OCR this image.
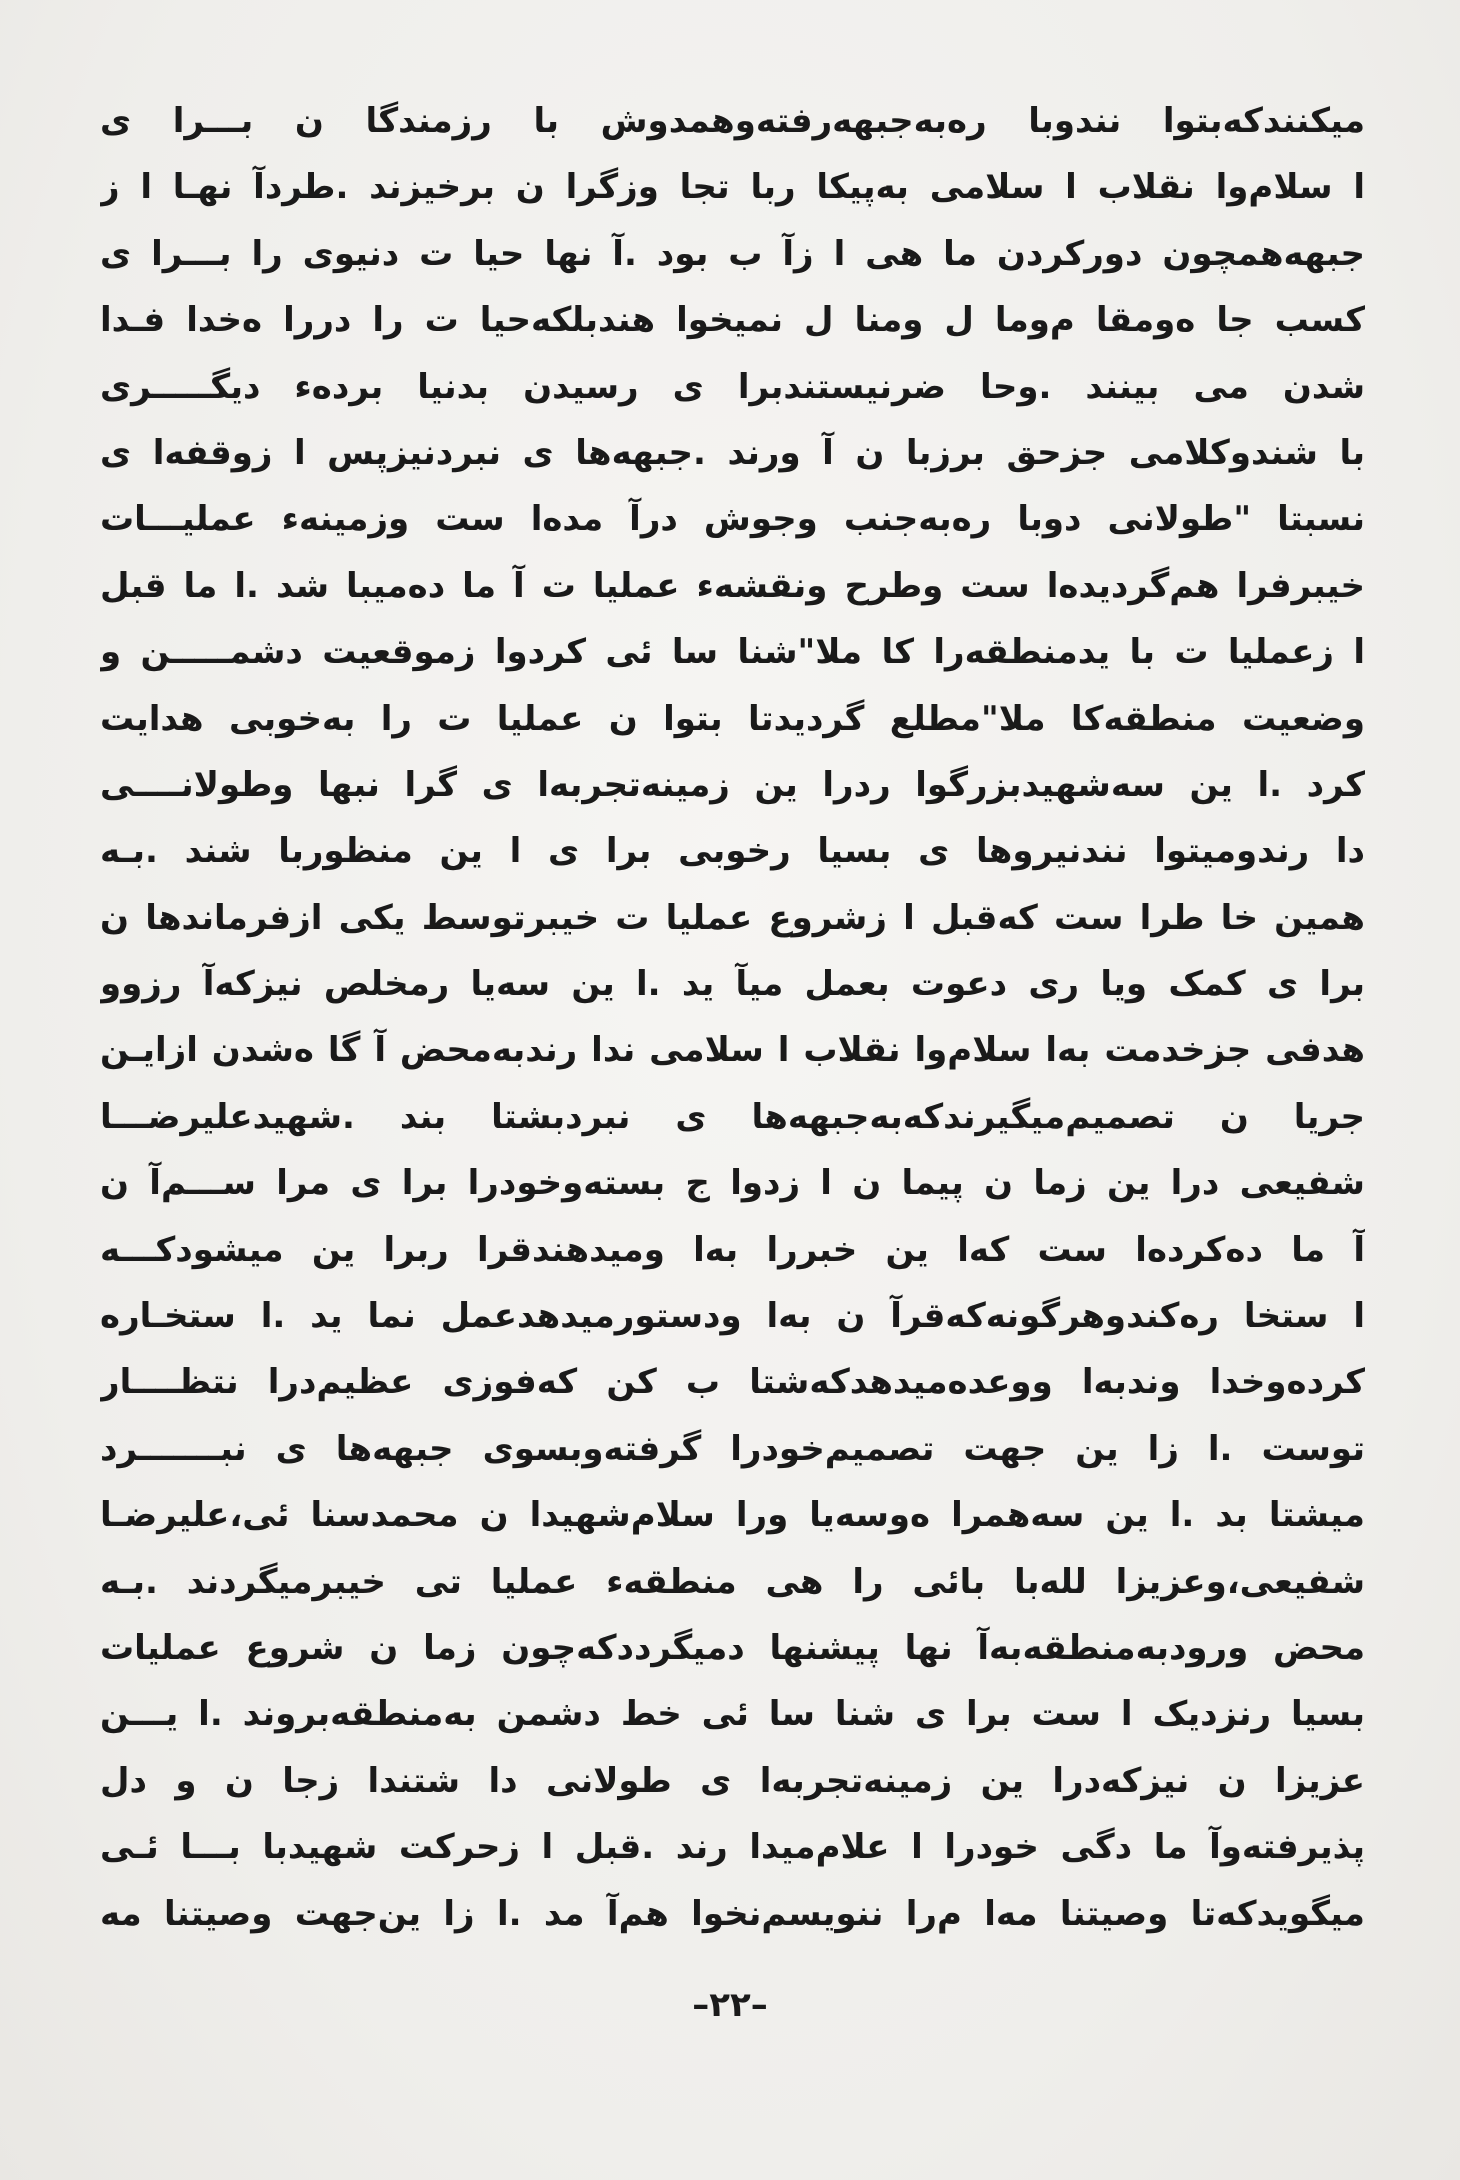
میکنندکه‌بتوا نندو‌با ر‌ه‌به‌جبهه‌رفته‌وهمدوش با رزمندگا ن بـــرا ی
ا سلام‌وا نقلاب ا سلامی به‌پیکا ربا تجا وزگرا ن برخیزند .طرد‌آ نهـا ا ز
جبهه‌همچون دورکردن ما هی ا ز‌آ ب بود .آ نها حیا ت دنیوی را بـــرا ی
کسب جا ه‌ومقا م‌وما ل ومنا ل نمیخوا هند‌بلکه‌حیا ت را دررا ه‌خدا فـدا
شدن می بینند .وحا ضرنیستندبرا ی رسیدن بدنیا برده‌ء دیگـــــری
با شندوکلامی جزحق برزبا ن آ ورند .جبهه‌ها ی نبردنیزپس ا زوقفه‌ا ی
نسبتا "طولانی دوبا ره‌به‌جنب وجوش درآ مده‌ا ست وزمینه‌ء عملیـــات
خیبرفرا هم‌گردیده‌ا ست وطرح ونقشه‌ء عملیا ت آ ما ده‌میبا شد .ا ما قبل
ا زعملیا ت با یدمنطقه‌را کا ملا"شنا سا ئی کردوا زموقعیت دشمـــــن و
وضعیت منطقه‌کا ملا"مطلع گردیدتا بتوا ن عملیا ت را به‌خوبی هدایت
کرد .ا ین سه‌شهیدبزرگوا ردرا ین زمینه‌تجربه‌ا ی گرا نبها وطولانــــی
دا رندومیتوا نندنیروها ی بسیا رخوبی برا ی ا ین منظوربا شند .بـه
همین خا طرا ست که‌قبل ا زشروع عملیا ت خیبرتوسط یکی ازفرماندها ن
برا ی کمک ویا ری دعوت بعمل میآ ید .ا ین سه‌یا رمخلص نیزکه‌آ رزوو
هدفی جزخدمت به‌ا سلام‌وا نقلاب ا سلامی ندا رندبه‌محض آ گا ه‌شدن ازایـن
جریا ن تصمیم‌میگیرندکه‌به‌جبهه‌ها ی نبردبشتا بند .شهیدعلیرضـــا
شفیعی درا ین زما ن پیما ن ا زدوا ج بسته‌وخودرا برا ی مرا ســـم‌آ ن
آ ما ده‌کرده‌ا ست که‌ا ین خبررا به‌ا ومیدهندقرا ربرا ین میشودکـــه
ا ستخا ره‌کندوهرگونه‌که‌قرآ ن به‌ا ودستورمیدهدعمل نما ید .ا ستخـاره
کرده‌وخدا وندبه‌ا ووعده‌میدهدکه‌شتا ب کن که‌فوزی عظیم‌درا نتظــــار
توست .ا زا ین جهت تصمیم‌خودرا گرفته‌وبسوی جبهه‌ها ی نبـــــــرد
میشتا بد .ا ین سه‌همرا ه‌وسه‌یا ورا سلام‌شهیدا ن محمدسنا ئی،علیرضـا
شفیعی،وعزیزا لله‌با بائی را هی منطقه‌ء عملیا تی خیبرمیگردند .بـه
محض ورودبه‌منطقه‌به‌آ نها پیشنها دمیگرددکه‌چون زما ن شروع عملیات
بسیا رنزدیک ا ست برا ی شنا سا ئی خط دشمن به‌منطقه‌بروند .ا یـــن
عزیزا ن نیزکه‌درا ین زمینه‌تجربه‌ا ی طولانی دا شتندا زجا ن و دل
پذیرفته‌وآ ما دگی خودرا ا علام‌میدا رند .قبل ا زحرکت شهیدبا بـــا ئـی
میگویدکه‌تا وصیتنا مه‌ا م‌را ننویسم‌نخوا هم‌آ مد .ا زا ین‌جهت وصیتنا مه
–۲۲–
